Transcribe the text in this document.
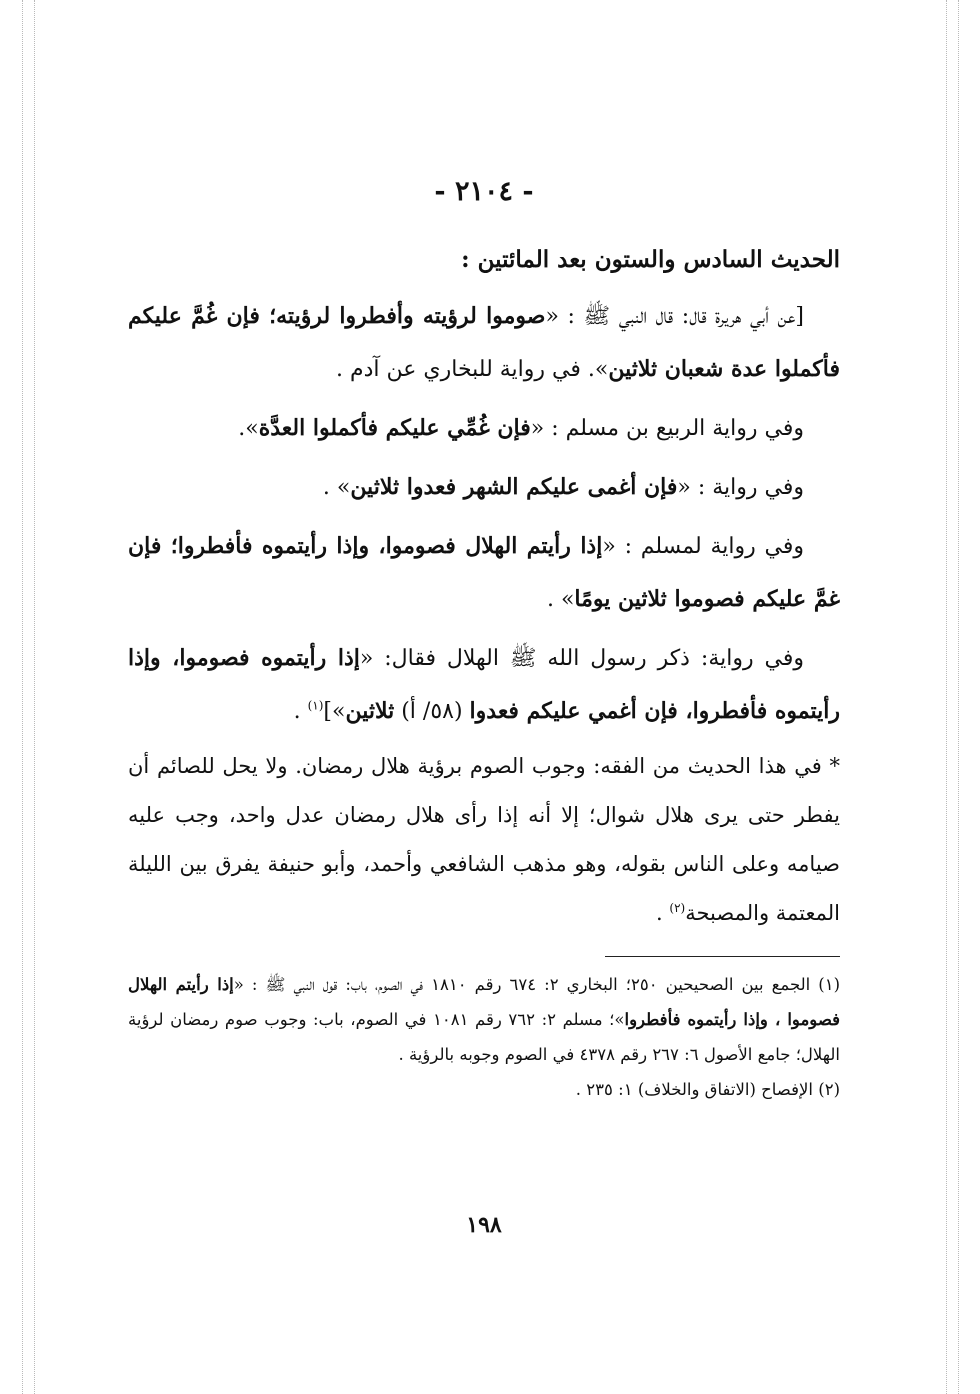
- ٢١٠٤ -
الحديث السادس والستون بعد المائتين :

[عن أبي هريرة قال: قال النبي ﷺ : «صوموا لرؤيته وأفطروا لرؤيته؛ فإن غُمَّ عليكم فأكملوا عدة شعبان ثلاثين». في رواية للبخاري عن آدم .

وفي رواية الربيع بن مسلم : «فإن غُمِّي عليكم فأكملوا العدَّة».

وفي رواية : «فإن أغمى عليكم الشهر فعدوا ثلاثين» .

وفي رواية لمسلم : «إذا رأيتم الهلال فصوموا، وإذا رأيتموه فأفطروا؛ فإن غمَّ عليكم فصوموا ثلاثين يومًا» .

وفي رواية: ذكر رسول الله ﷺ الهلال فقال: «إذا رأيتموه فصوموا، وإذا رأيتموه فأفطروا، فإن أغمي عليكم فعدوا (٥٨/ أ) ثلاثين»]$^{(١)}$ .

* في هذا الحديث من الفقه: وجوب الصوم برؤية هلال رمضان. ولا يحل للصائم أن يفطر حتى يرى هلال شوال؛ إلا أنه إذا رأى هلال رمضان عدل واحد، وجب عليه صيامه وعلى الناس بقوله، وهو مذهب الشافعي وأحمد، وأبو حنيفة يفرق بين الليلة المعتمة والمصبحة$^{(٢)}$ .

(١) الجمع بين الصحيحين ٢٥٠؛ البخاري ٢: ٦٧٤ رقم ١٨١٠ في الصوم، باب: قول النبي ﷺ : «إذا رأيتم الهلال فصوموا ، وإذا رأيتموه فأفطروا»؛ مسلم ٢: ٧٦٢ رقم ١٠٨١ في الصوم، باب: وجوب صوم رمضان لرؤية الهلال؛ جامع الأصول ٦: ٢٦٧ رقم ٤٣٧٨ في الصوم وجوبه بالرؤية .
(٢) الإفصاح (الاتفاق والخلاف) ١: ٢٣٥ .
١٩٨
